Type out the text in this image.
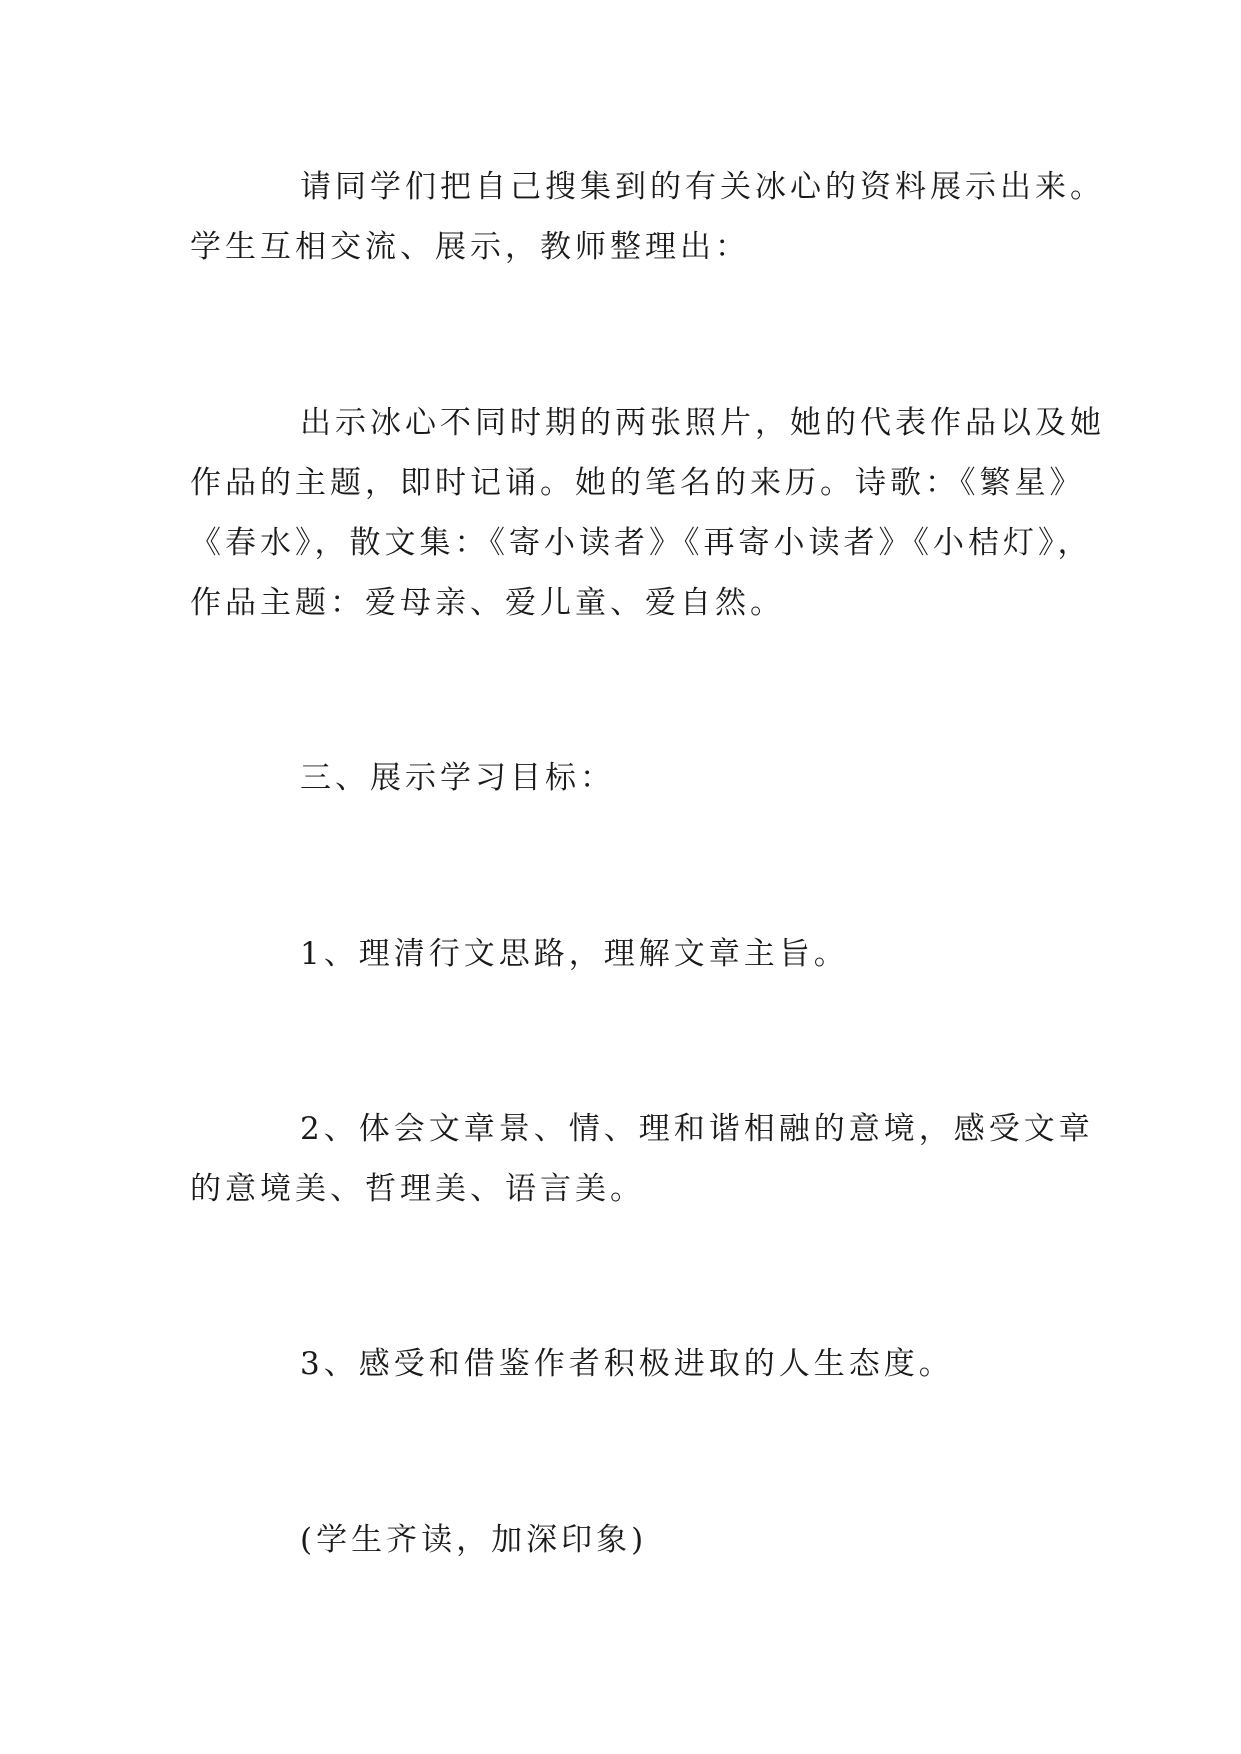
请同学们把自己搜集到的有关冰心的资料展示出来。
学生互相交流、展示，教师整理出：
出示冰心不同时期的两张照片，她的代表作品以及她
作品的主题，即时记诵。她的笔名的来历。诗歌：《繁星》
《春水》，散文集：《寄小读者》《再寄小读者》《小桔灯》，
作品主题：爱母亲、爱儿童、爱自然。
三、展示学习目标：
1、理清行文思路，理解文章主旨。
2、体会文章景、情、理和谐相融的意境，感受文章
的意境美、哲理美、语言美。
3、感受和借鉴作者积极进取的人生态度。
(学生齐读，加深印象)
